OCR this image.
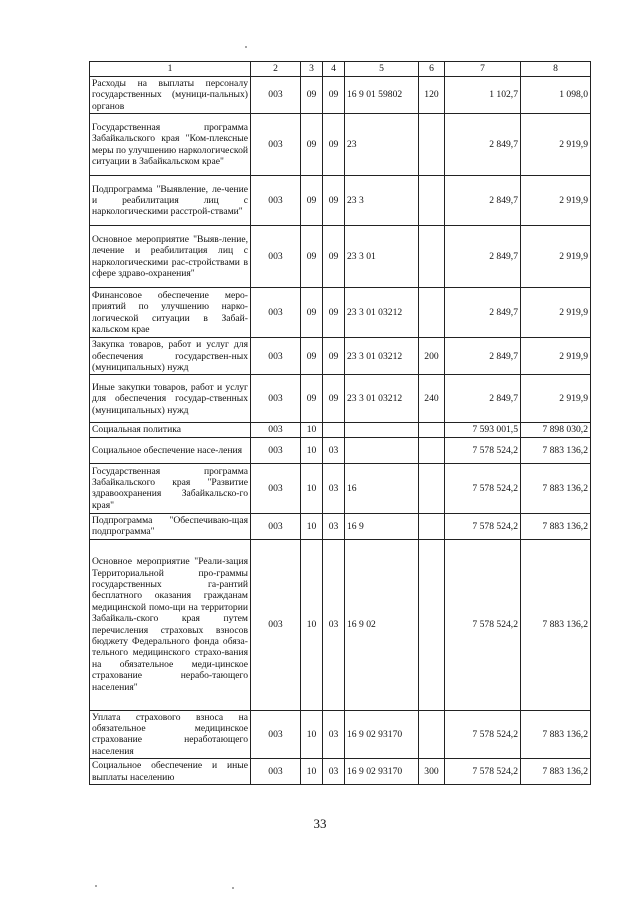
1	2	3	4	5	6	7	8
Расходы на выплаты персоналу государственных (муници-пальных) органов	003	09	09	16 9 01 59802	120	1 102,7	1 098,0
Государственная программа Забайкальского края "Ком-плексные меры по улучшению наркологической ситуации в Забайкальском крае"	003	09	09	23		2 849,7	2 919,9
Подпрограмма "Выявление, ле-чение и реабилитация лиц с наркологическими расстрой-ствами"	003	09	09	23 3		2 849,7	2 919,9
Основное мероприятие "Выяв-ление, лечение и реабилитация лиц с наркологическими рас-стройствами в сфере здраво-охранения"	003	09	09	23 3 01		2 849,7	2 919,9
Финансовое обеспечение меро-приятий по улучшению нарко-логической ситуации в Забай-кальском крае	003	09	09	23 3 01 03212		2 849,7	2 919,9
Закупка товаров, работ и услуг для обеспечения государствен-ных (муниципальных) нужд	003	09	09	23 3 01 03212	200	2 849,7	2 919,9
Иные закупки товаров, работ и услуг для обеспечения государ-ственных (муниципальных) нужд	003	09	09	23 3 01 03212	240	2 849,7	2 919,9
Социальная политика	003	10				7 593 001,5	7 898 030,2
Социальное обеспечение насе-ления	003	10	03			7 578 524,2	7 883 136,2
Государственная программа Забайкальского края "Развитие здравоохранения Забайкальско-го края"	003	10	03	16		7 578 524,2	7 883 136,2
Подпрограмма "Обеспечиваю-щая подпрограмма"	003	10	03	16 9		7 578 524,2	7 883 136,2
Основное мероприятие "Реали-зация Территориальной про-граммы государственных га-рантий бесплатного оказания гражданам медицинской помо-щи на территории Забайкаль-ского края путем перечисления страховых взносов бюджету Федерального фонда обяза-тельного медицинского страхо-вания на обязательное меди-цинское страхование нерабо-тающего населения"	003	10	03	16 9 02		7 578 524,2	7 883 136,2
Уплата страхового взноса на обязательное медицинское страхование неработающего населения	003	10	03	16 9 02 93170		7 578 524,2	7 883 136,2
Социальное обеспечение и иные выплаты населению	003	10	03	16 9 02 93170	300	7 578 524,2	7 883 136,2
33
